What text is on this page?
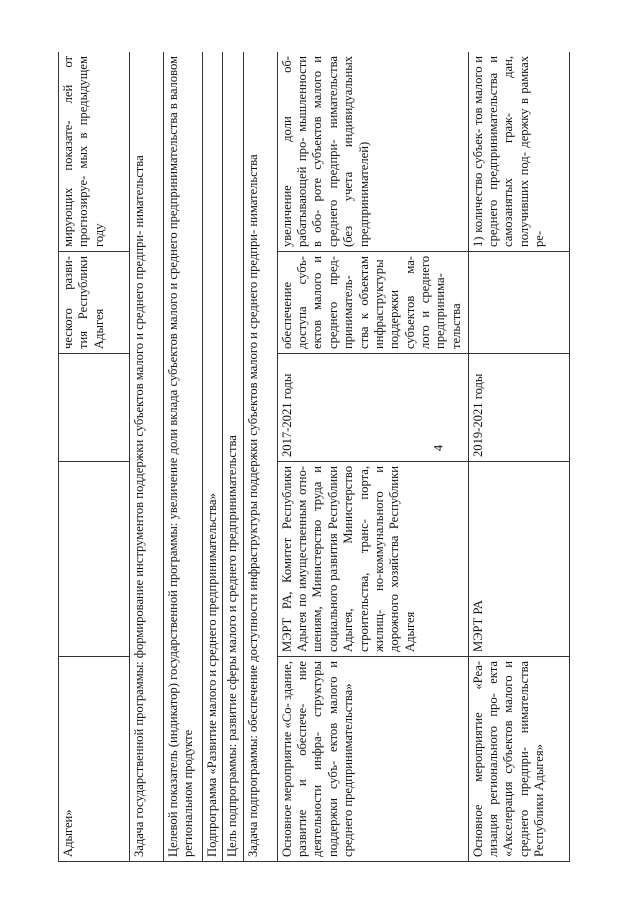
4
Адыгеи»			ческого разви- тия Республики Адыгея	мирующих показате- лей от прогнозируе- мых в предыдущем году
Задача государственной программы: формирование инструментов поддержки субъектов малого и среднего предпри- нимательства				
Целевой показатель (индикатор) государственной программы: увеличение доли вклада субъектов малого и среднего предпринимательства в валовом региональном продукте				
Подпрограмма «Развитие малого и среднего предпринимательства»				
Цель подпрограммы: развитие сферы малого и среднего предпринимательства				
Задача подпрограммы: обеспечение доступности инфраструктуры поддержки субъектов малого и среднего предпри- нимательства				
Основное мероприятие «Со- здание, развитие и обеспече- ние деятельности инфра- структуры поддержки субъ- ектов малого и среднего предпринимательства»	МЭРТ РА, Комитет Республики Адыгея по имущественным отно- шениям, Министерство труда и социального развития Республики Адыгея, Министерство строительства, транс- порта, жилищ- но-коммунального и дорожного хозяйства Республики Адыгея	2017-2021 годы	обеспечение доступа субъ- ектов малого и среднего пред- приниматель- ства к объектам инфраструктуры поддержки субъектов ма- лого и среднего предпринима- тельства	увеличение доли об- рабатывающей про- мышленности в обо- роте субъектов малого и среднего предпри- нимательства (без учета индивидуальных предпринимателей)
Основное мероприятие «Реа- лизация регионального про- екта «Акселерация субъектов малого и среднего предпри- нимательства Республики Адыгея»	МЭРТ РА	2019-2021 годы		1) количество субъек- тов малого и среднего предпринимательства и самозанятых граж- дан, получивших под- держку в рамках ре-
